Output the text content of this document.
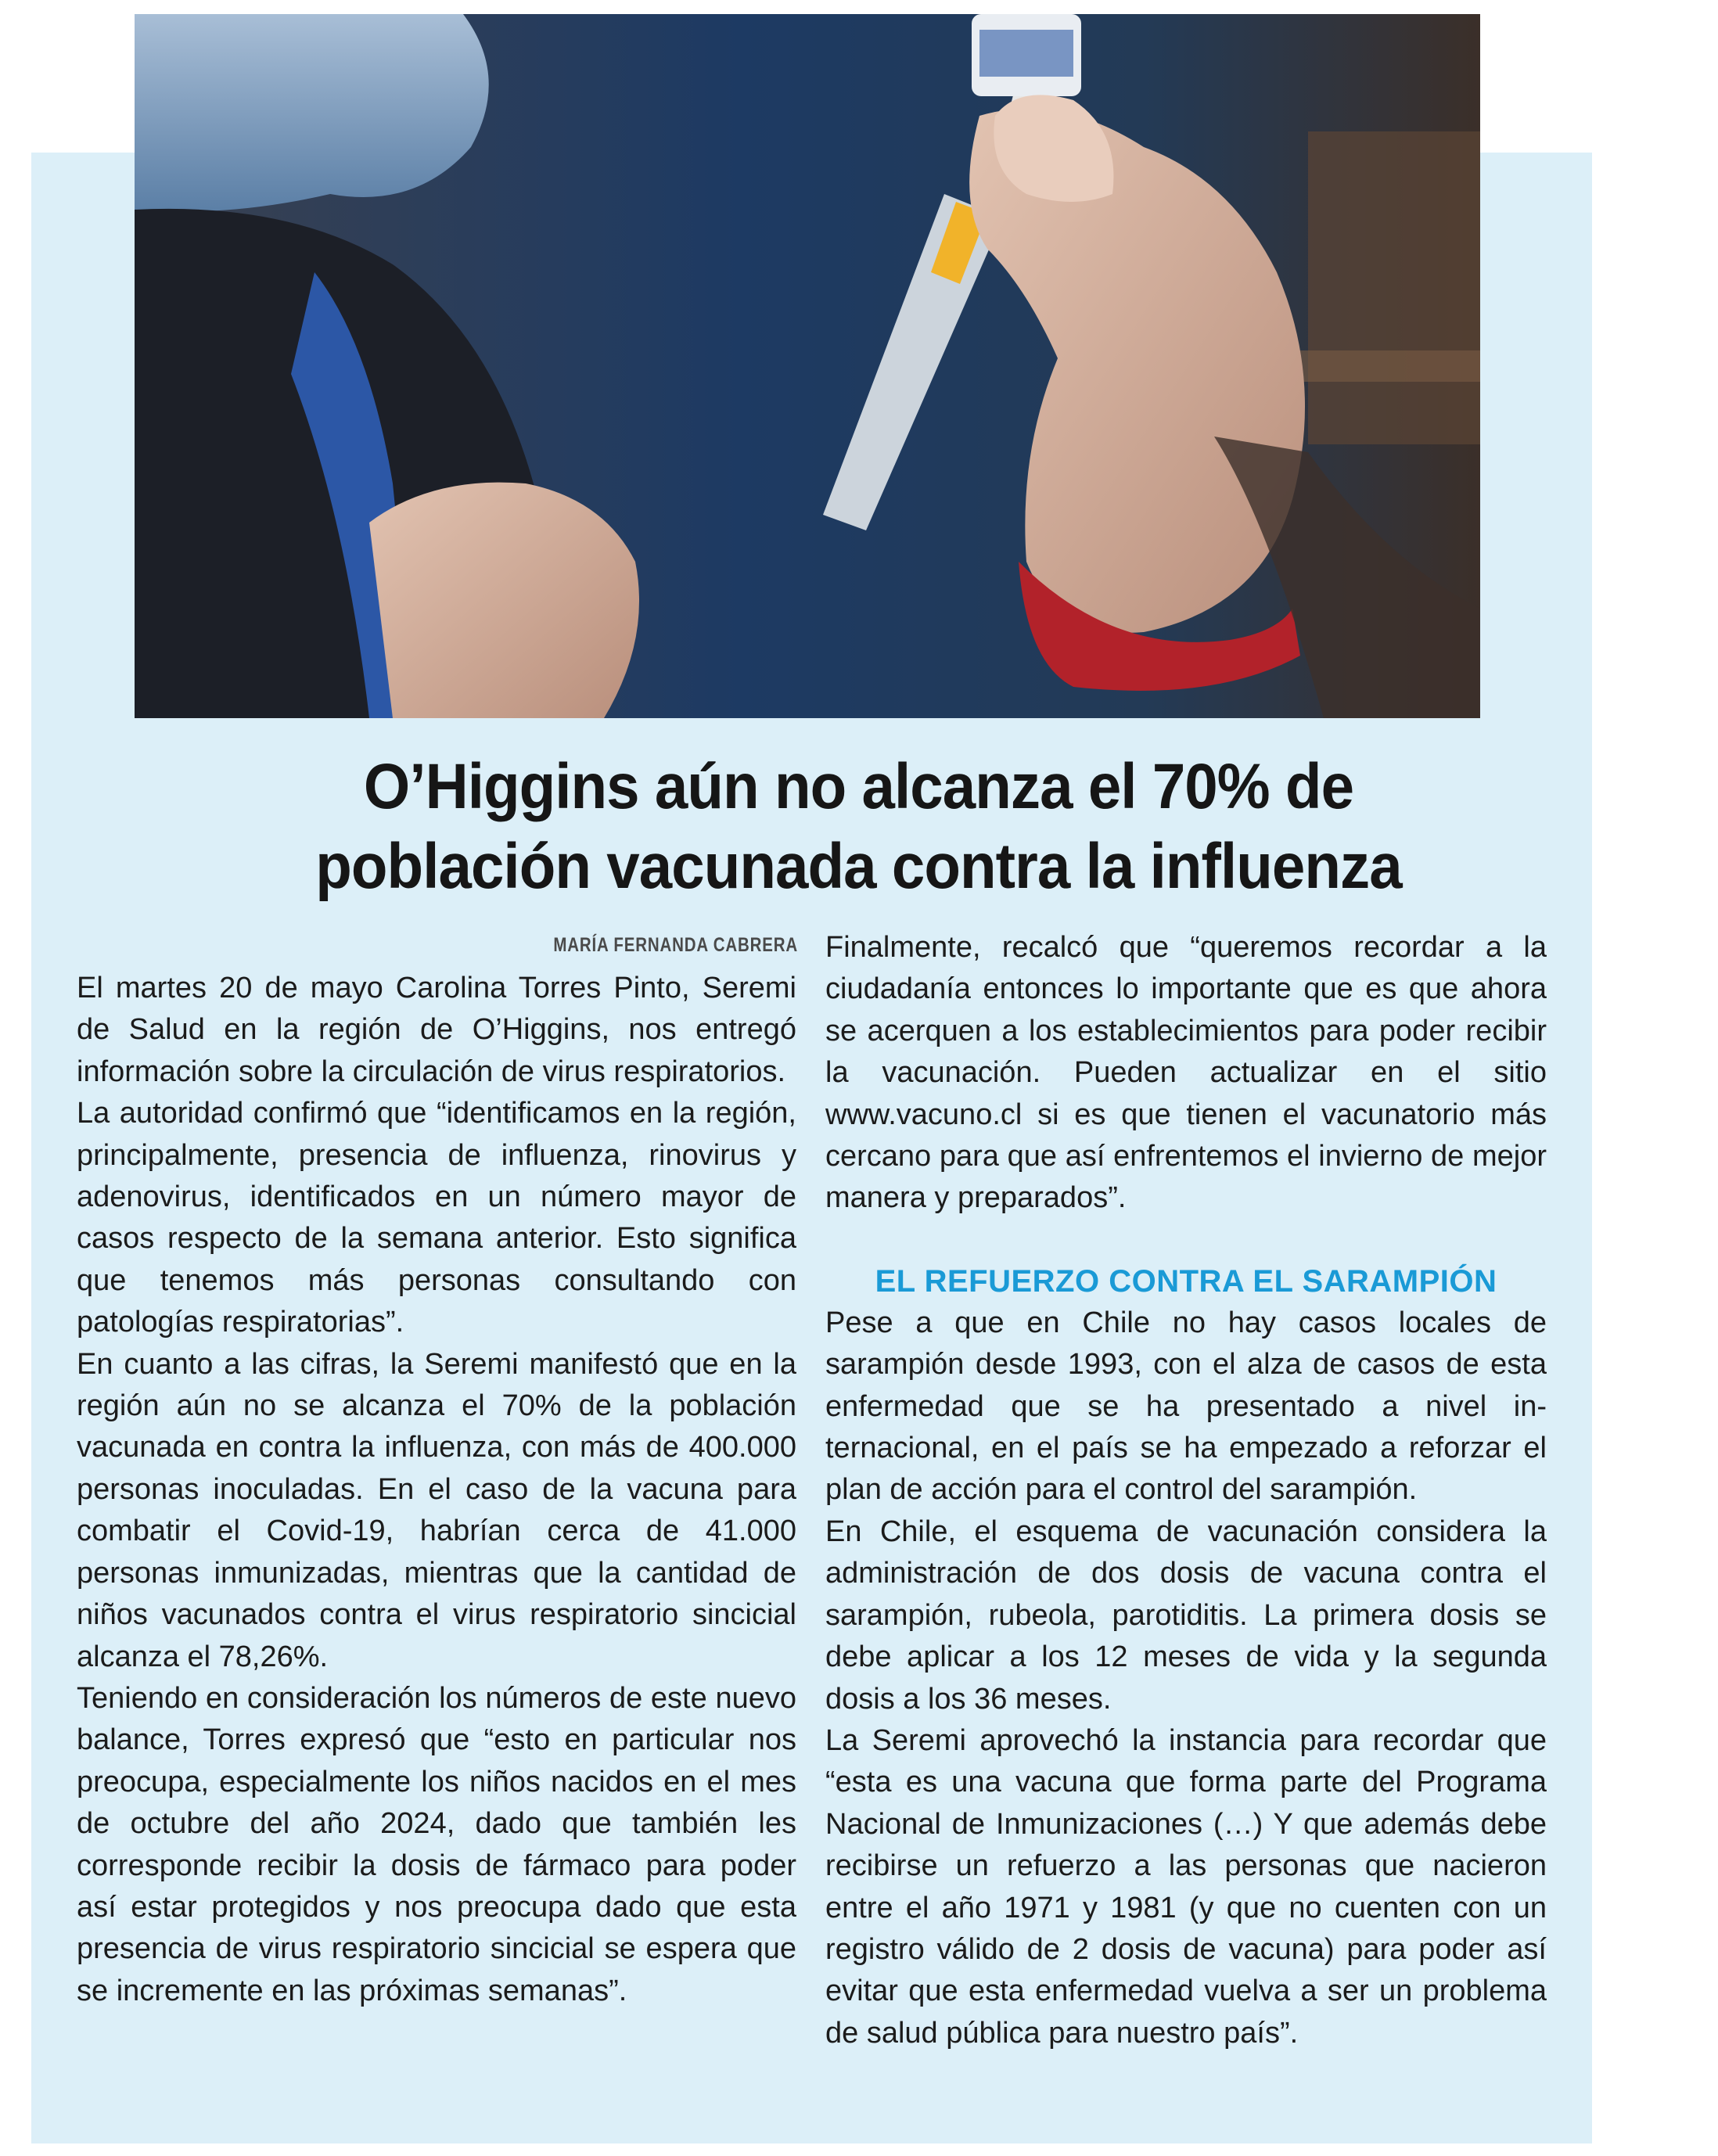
O’Higgins aún no alcanza el 70% de
población vacunada contra la influenza
MARÍA FERNANDA CABRERA

El martes 20 de mayo Carolina Torres Pinto, Seremi de Salud en la región de O’Higgins, nos entregó información sobre la circulación de virus respiratorios.

La autoridad confirmó que “identificamos en la región, principalmente, presencia de influenza, rinovirus y adenovirus, identificados en un número mayor de casos respecto de la semana anterior. Esto significa que tenemos más personas consultando con patologías respiratorias”.

En cuanto a las cifras, la Seremi manifestó que en la región aún no se alcanza el 70% de la población vacunada en contra la influenza, con más de 400.000 personas inoculadas. En el caso de la vacuna para combatir el Covid-19, habrían cerca de 41.000 personas inmunizadas, mientras que la cantidad de niños vacunados contra el virus respiratorio sincicial alcanza el 78,26%.

Teniendo en consideración los números de este nuevo balance, Torres expresó que “esto en particular nos preocupa, especialmente los niños nacidos en el mes de octubre del año 2024, dado que también les corresponde recibir la dosis de fármaco para poder así estar protegidos y nos preocupa dado que esta presencia de virus respiratorio sincicial se espera que se incremente en las próximas semanas”.

Finalmente, recalcó que “queremos recordar a la ciudadanía entonces lo importante que es que ahora se acerquen a los establecimientos para poder recibir la vacunación. Pueden actualizar en el sitio www.vacuno.cl si es que tienen el vacunatorio más cercano para que así enfrentemos el invierno de mejor manera y preparados”.

EL REFUERZO CONTRA EL SARAMPIÓN

Pese a que en Chile no hay casos locales de sarampión desde 1993, con el alza de casos de esta enfermedad que se ha presentado a nivel internacional, en el país se ha empezado a reforzar el plan de acción para el control del sarampión.

En Chile, el esquema de vacunación considera la administración de dos dosis de vacuna contra el sarampión, rubeola, parotiditis. La primera dosis se debe aplicar a los 12 meses de vida y la segunda dosis a los 36 meses.

La Seremi aprovechó la instancia para recordar que “esta es una vacuna que forma parte del Programa Nacional de Inmunizaciones (…) Y que además debe recibirse un refuerzo a las personas que nacieron entre el año 1971 y 1981 (y que no cuenten con un registro válido de 2 dosis de vacuna) para poder así evitar que esta enfermedad vuelva a ser un problema de salud pública para nuestro país”.
